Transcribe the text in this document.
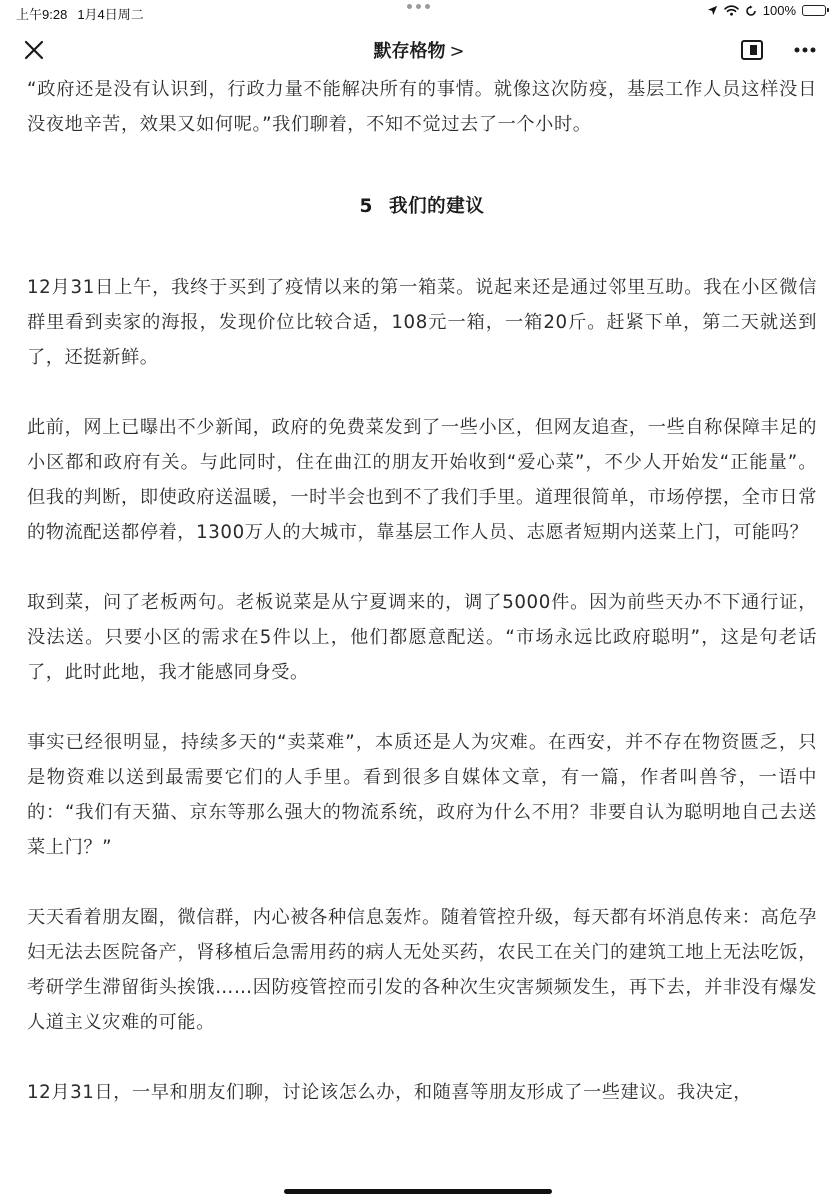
上午9:28 1月4日周二	100%
默存格物 >

“政府还是没有认识到，行政力量不能解决所有的事情。就像这次防疫，基层工作人员这样没日没夜地辛苦，效果又如何呢。”我们聊着，不知不觉过去了一个小时。

5 我们的建议

12月31日上午，我终于买到了疫情以来的第一箱菜。说起来还是通过邻里互助。我在小区微信群里看到卖家的海报，发现价位比较合适，108元一箱，一箱20斤。赶紧下单，第二天就送到了，还挺新鲜。

此前，网上已曝出不少新闻，政府的免费菜发到了一些小区，但网友追查，一些自称保障丰足的小区都和政府有关。与此同时，住在曲江的朋友开始收到“爱心菜”，不少人开始发“正能量”。但我的判断，即使政府送温暖，一时半会也到不了我们手里。道理很简单，市场停摆，全市日常的物流配送都停着，1300万人的大城市，靠基层工作人员、志愿者短期内送菜上门，可能吗？

取到菜，问了老板两句。老板说菜是从宁夏调来的，调了5000件。因为前些天办不下通行证，没法送。只要小区的需求在5件以上，他们都愿意配送。“市场永远比政府聪明”，这是句老话了，此时此地，我才能感同身受。

事实已经很明显，持续多天的“卖菜难”，本质还是人为灾难。在西安，并不存在物资匮乏，只是物资难以送到最需要它们的人手里。看到很多自媒体文章，有一篇，作者叫兽爷，一语中的：“我们有天猫、京东等那么强大的物流系统，政府为什么不用？非要自认为聪明地自己去送菜上门？”

天天看着朋友圈，微信群，内心被各种信息轰炸。随着管控升级，每天都有坏消息传来：高危孕妇无法去医院备产，肾移植后急需用药的病人无处买药，农民工在关门的建筑工地上无法吃饭，考研学生滞留街头挨饿……因防疫管控而引发的各种次生灾害频频发生，再下去，并非没有爆发人道主义灾难的可能。

12月31日，一早和朋友们聊，讨论该怎么办，和随喜等朋友形成了一些建议。我决定，
